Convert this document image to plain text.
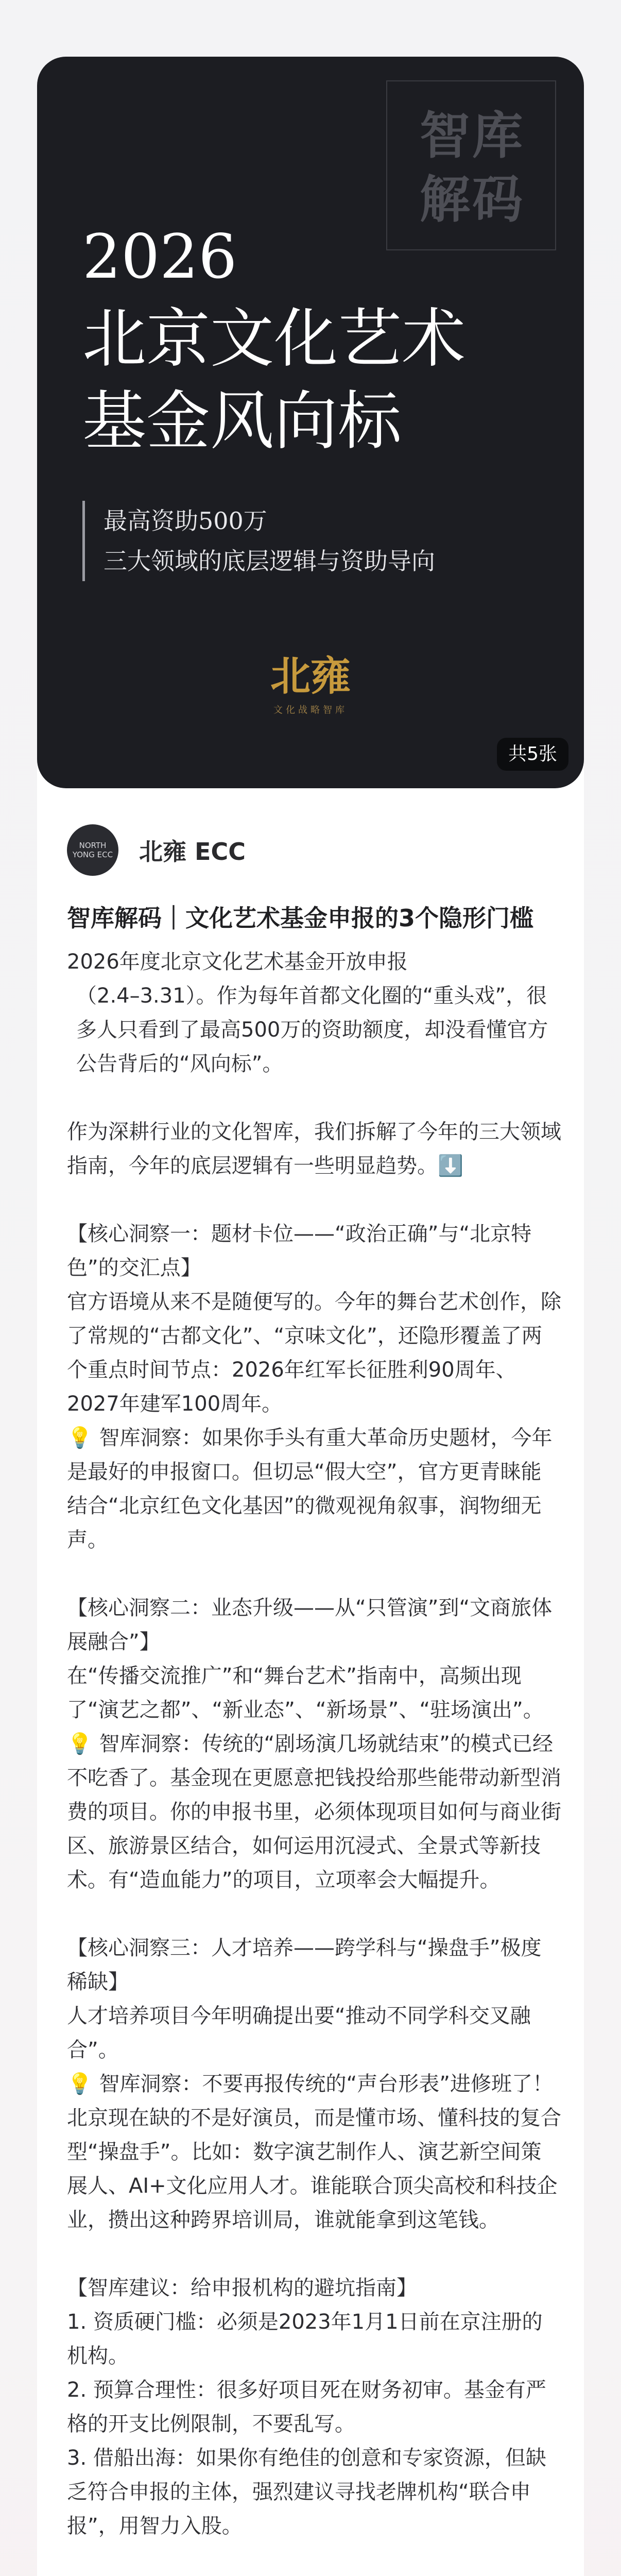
智库
解码
2026
北京文化艺术
基金风向标
最高资助500万
三大领域的底层逻辑与资助导向
北雍
文化战略智库
共5张
NORTH YONG ECC 北雍 ECC
智库解码｜文化艺术基金申报的3个隐形门槛

2026年度北京文化艺术基金开放申报

（2.4–3.31）。作为每年首都文化圈的“重头戏”，很多人只看到了最高500万的资助额度，却没看懂官方公告背后的“风向标”。

作为深耕行业的文化智库，我们拆解了今年的三大领域指南，今年的底层逻辑有一些明显趋势。⬇️

【核心洞察一：题材卡位——“政治正确”与“北京特色”的交汇点】

官方语境从来不是随便写的。今年的舞台艺术创作，除了常规的“古都文化”、“京味文化”，还隐形覆盖了两个重点时间节点：2026年红军长征胜利90周年、2027年建军100周年。

💡 智库洞察：如果你手头有重大革命历史题材，今年是最好的申报窗口。但切忌“假大空”，官方更青睐能结合“北京红色文化基因”的微观视角叙事，润物细无声。

【核心洞察二：业态升级——从“只管演”到“文商旅体展融合”】

在“传播交流推广”和“舞台艺术”指南中，高频出现了“演艺之都”、“新业态”、“新场景”、“驻场演出”。

💡 智库洞察：传统的“剧场演几场就结束”的模式已经不吃香了。基金现在更愿意把钱投给那些能带动新型消费的项目。你的申报书里，必须体现项目如何与商业街区、旅游景区结合，如何运用沉浸式、全景式等新技术。有“造血能力”的项目，立项率会大幅提升。

【核心洞察三：人才培养——跨学科与“操盘手”极度稀缺】

人才培养项目今年明确提出要“推动不同学科交叉融合”。

💡 智库洞察：不要再报传统的“声台形表”进修班了！北京现在缺的不是好演员，而是懂市场、懂科技的复合型“操盘手”。比如：数字演艺制作人、演艺新空间策展人、AI+文化应用人才。谁能联合顶尖高校和科技企业，攒出这种跨界培训局，谁就能拿到这笔钱。

【智库建议：给申报机构的避坑指南】

1. 资质硬门槛：必须是2023年1月1日前在京注册的机构。

2. 预算合理性：很多好项目死在财务初审。基金有严格的开支比例限制，不要乱写。

3. 借船出海：如果你有绝佳的创意和专家资源，但缺乏符合申报的主体，强烈建议寻找老牌机构“联合申报”，用智力入股。
